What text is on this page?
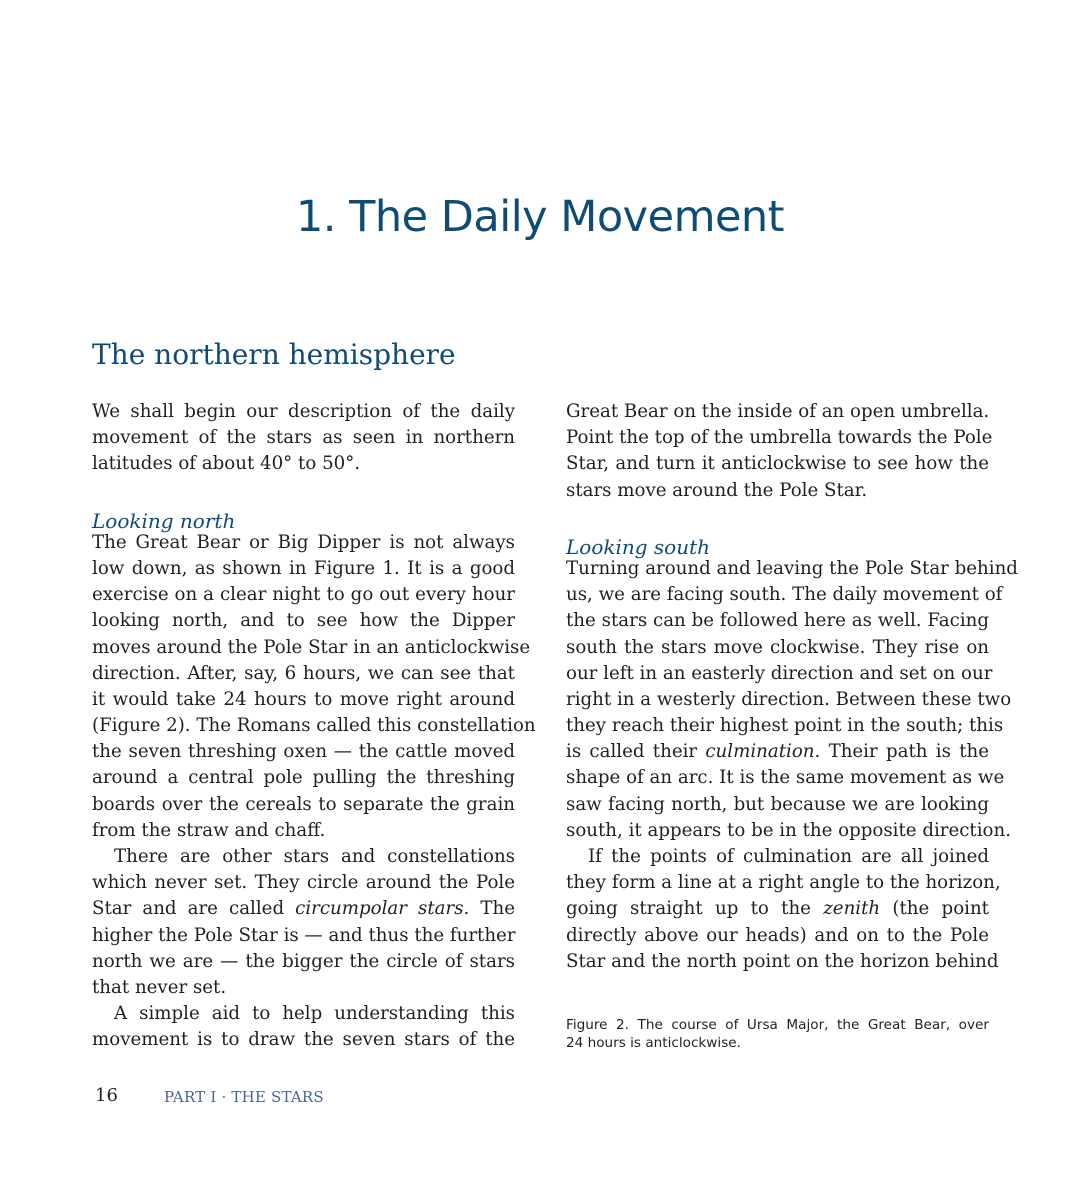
1. The Daily Movement
The northern hemisphere
We shall begin our description of the daily
movement of the stars as seen in northern
latitudes of about 40° to 50°.
Looking north
The Great Bear or Big Dipper is not always
low down, as shown in Figure 1. It is a good
exercise on a clear night to go out every hour
looking north, and to see how the Dipper
moves around the Pole Star in an anticlockwise
direction. After, say, 6 hours, we can see that
it would take 24 hours to move right around
(Figure 2). The Romans called this constellation
the seven threshing oxen — the cattle moved
around a central pole pulling the threshing
boards over the cereals to separate the grain
from the straw and chaff.
There are other stars and constellations
which never set. They circle around the Pole
Star and are called circumpolar stars. The
higher the Pole Star is — and thus the further
north we are — the bigger the circle of stars
that never set.
A simple aid to help understanding this
movement is to draw the seven stars of the
Great Bear on the inside of an open umbrella.
Point the top of the umbrella towards the Pole
Star, and turn it anticlockwise to see how the
stars move around the Pole Star.
Looking south
Turning around and leaving the Pole Star behind
us, we are facing south. The daily movement of
the stars can be followed here as well. Facing
south the stars move clockwise. They rise on
our left in an easterly direction and set on our
right in a westerly direction. Between these two
they reach their highest point in the south; this
is called their culmination. Their path is the
shape of an arc. It is the same movement as we
saw facing north, but because we are looking
south, it appears to be in the opposite direction.
If the points of culmination are all joined
they form a line at a right angle to the horizon,
going straight up to the zenith (the point
directly above our heads) and on to the Pole
Star and the north point on the horizon behind
Figure 2. The course of Ursa Major, the Great Bear, over
24 hours is anticlockwise.
16	PART I · THE STARS
